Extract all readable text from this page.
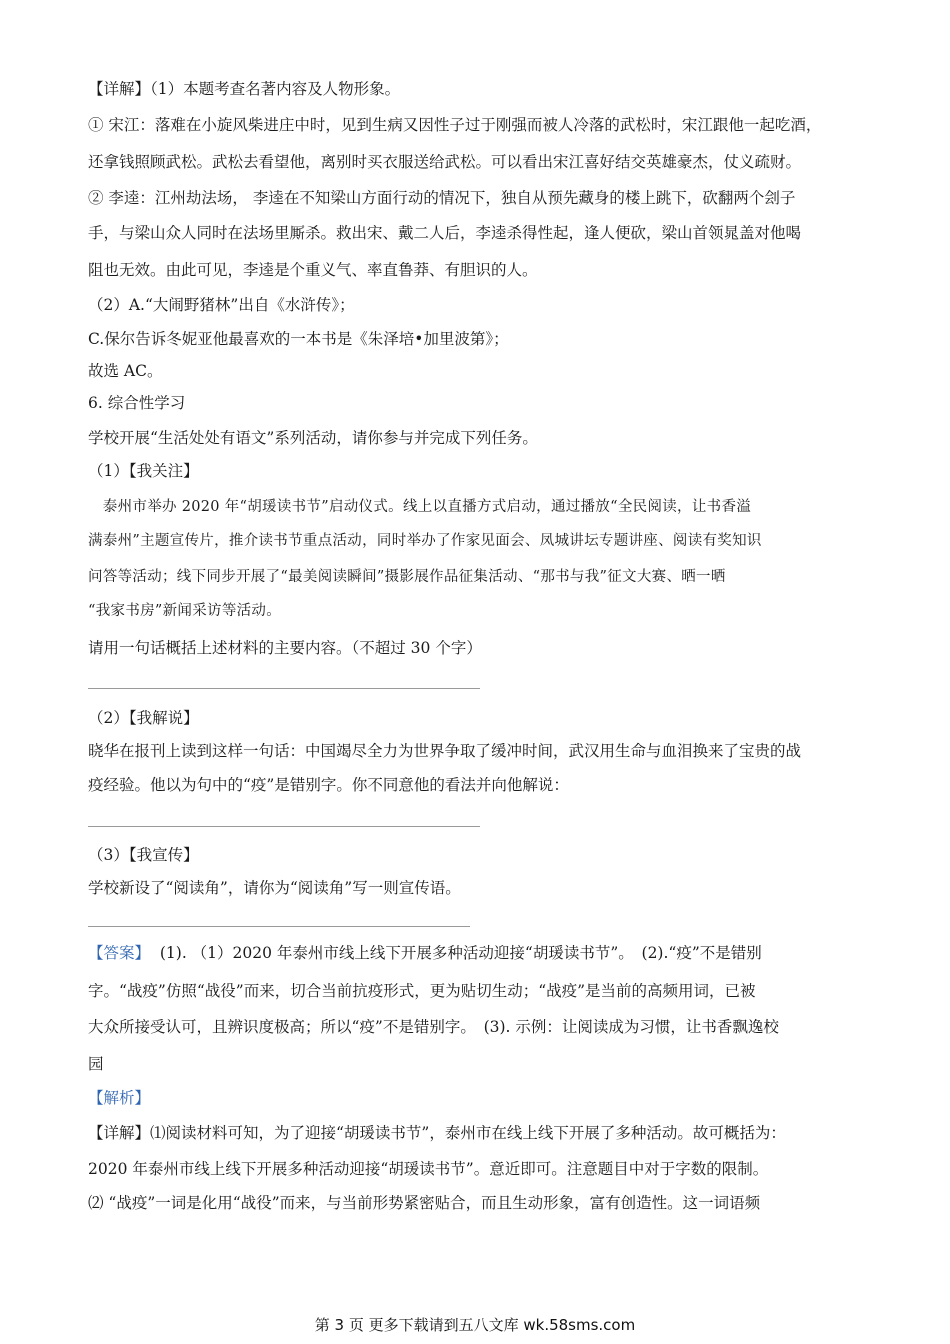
【详解】（1）本题考查名著内容及人物形象。

① 宋江：落难在小旋风柴进庄中时，见到生病又因性子过于刚强而被人冷落的武松时，宋江跟他一起吃酒，

还拿钱照顾武松。武松去看望他，离别时买衣服送给武松。可以看出宋江喜好结交英雄豪杰，仗义疏财。

② 李逵：江州劫法场， 李逵在不知梁山方面行动的情况下，独自从预先藏身的楼上跳下，砍翻两个刽子

手，与梁山众人同时在法场里厮杀。救出宋、戴二人后，李逵杀得性起，逢人便砍，梁山首领晁盖对他喝

阻也无效。由此可见，李逵是个重义气、率直鲁莽、有胆识的人。

（2）A.“大闹野猪林”出自《水浒传》；

C.保尔告诉冬妮亚他最喜欢的一本书是《朱泽培•加里波第》；

故选 AC。

6. 综合性学习

学校开展“生活处处有语文”系列活动，请你参与并完成下列任务。

（1）【我关注】

　泰州市举办 2020 年“胡瑗读书节”启动仪式。线上以直播方式启动，通过播放“全民阅读，让书香溢

满泰州”主题宣传片，推介读书节重点活动，同时举办了作家见面会、凤城讲坛专题讲座、阅读有奖知识

问答等活动；线下同步开展了“最美阅读瞬间”摄影展作品征集活动、“那书与我”征文大赛、晒一晒

“我家书房”新闻采访等活动。

请用一句话概括上述材料的主要内容。（不超过 30 个字）

（2）【我解说】

晓华在报刊上读到这样一句话：中国竭尽全力为世界争取了缓冲时间，武汉用生命与血泪换来了宝贵的战

疫经验。他以为句中的“疫”是错别字。你不同意他的看法并向他解说：

（3）【我宣传】

学校新设了“阅读角”，请你为“阅读角”写一则宣传语。

【答案】 (1). （1）2020 年泰州市线上线下开展多种活动迎接“胡瑗读书节”。　(2).“疫”不是错别

字。“战疫”仿照“战役”而来，切合当前抗疫形式，更为贴切生动；“战疫”是当前的高频用词，已被

大众所接受认可，且辨识度极高；所以“疫”不是错别字。　(3). 示例：让阅读成为习惯，让书香飘逸校

园

【解析】

【详解】⑴阅读材料可知，为了迎接“胡瑗读书节”，泰州市在线上线下开展了多种活动。故可概括为：

2020 年泰州市线上线下开展多种活动迎接“胡瑗读书节”。意近即可。注意题目中对于字数的限制。

⑵ “战疫”一词是化用“战役”而来，与当前形势紧密贴合，而且生动形象，富有创造性。这一词语频

第 3 页 更多下载请到五八文库 wk.58sms.com
